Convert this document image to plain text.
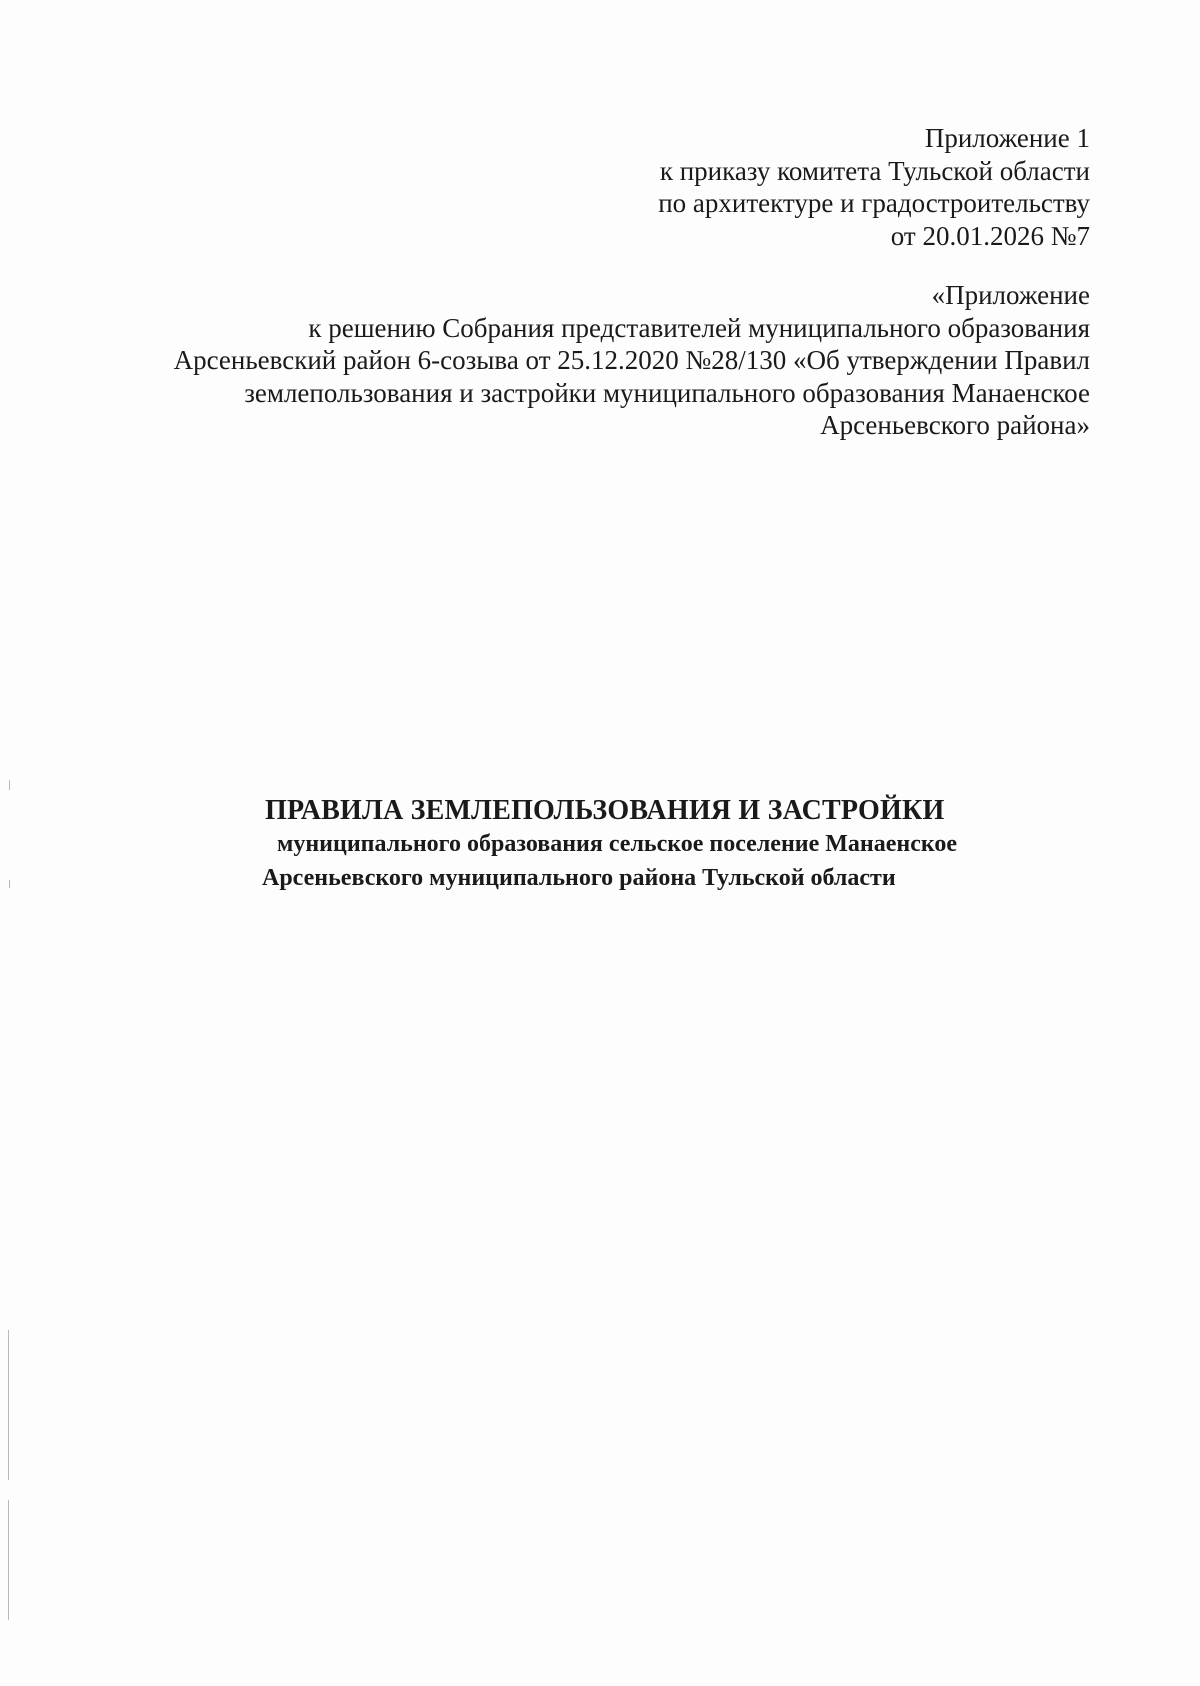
Приложение 1
к приказу комитета Тульской области
по архитектуре и градостроительству
от 20.01.2026 №7
«Приложение
к решению Собрания представителей муниципального образования
Арсеньевский район 6-созыва от 25.12.2020 №28/130 «Об утверждении Правил
землепользования и застройки муниципального образования Манаенское
Арсеньевского района»
ПРАВИЛА ЗЕМЛЕПОЛЬЗОВАНИЯ И ЗАСТРОЙКИ
муниципального образования сельское поселение Манаенское
Арсеньевского муниципального района Тульской области
